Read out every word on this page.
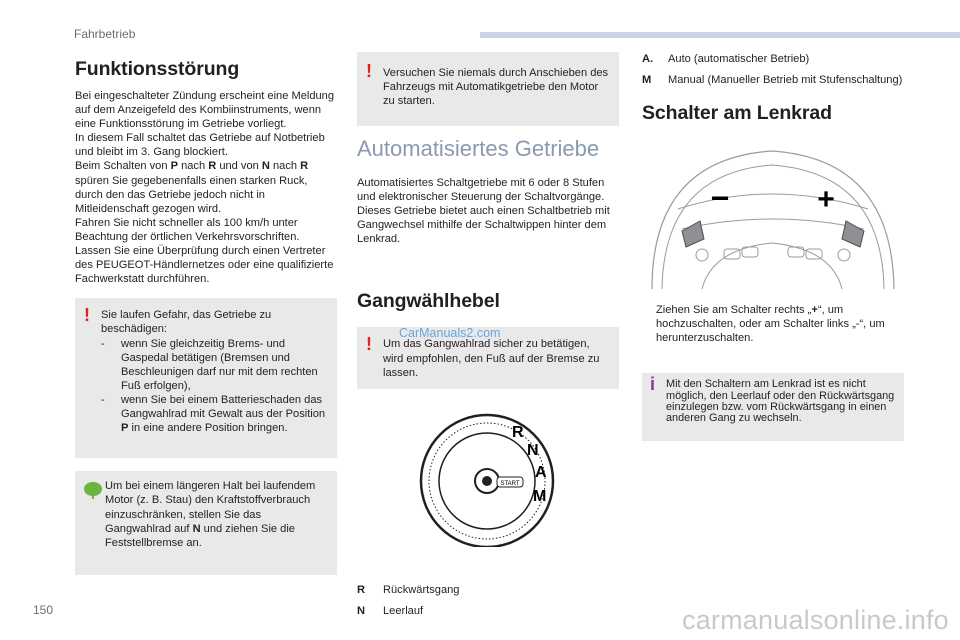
Fahrbetrieb
Funktionsstörung
Bei eingeschalteter Zündung erscheint eine Meldung auf dem Anzeigefeld des Kombiinstruments, wenn eine Funktionsstörung im Getriebe vorliegt.
In diesem Fall schaltet das Getriebe auf Notbetrieb und bleibt im 3. Gang blockiert.
Beim Schalten von P nach R und von N nach R spüren Sie gegebenenfalls einen starken Ruck, durch den das Getriebe jedoch nicht in Mitleidenschaft gezogen wird.
Fahren Sie nicht schneller als 100 km/h unter Beachtung der örtlichen Verkehrsvorschriften.
Lassen Sie eine Überprüfung durch einen Vertreter des PEUGEOT-Händlernetzes oder eine qualifizierte Fachwerkstatt durchführen.
! Sie laufen Gefahr, das Getriebe zu beschädigen:
-	wenn Sie gleichzeitig Brems- und Gaspedal betätigen (Bremsen und Beschleunigen darf nur mit dem rechten Fuß erfolgen),
-	wenn Sie bei einem Batterieschaden das Gangwahlrad mit Gewalt aus der Position P in eine andere Position bringen.
Um bei einem längeren Halt bei laufendem Motor (z. B. Stau) den Kraftstoffverbrauch einzuschränken, stellen Sie das Gangwahlrad auf N und ziehen Sie die Feststellbremse an.
! Versuchen Sie niemals durch Anschieben des Fahrzeugs mit Automatikgetriebe den Motor zu starten.
Automatisiertes Getriebe
Automatisiertes Schaltgetriebe mit 6 oder 8 Stufen und elektronischer Steuerung der Schaltvorgänge. Dieses Getriebe bietet auch einen Schaltbetrieb mit Gangwechsel mithilfe der Schaltwippen hinter dem Lenkrad.
Gangwählhebel
! Um das Gangwahlrad sicher zu betätigen, wird empfohlen, den Fuß auf der Bremse zu lassen.
START
R
N
A
M
R	Rückwärtsgang
N	Leerlauf
A.	Auto (automatischer Betrieb)
M	Manual (Manueller Betrieb mit Stufenschaltung)
Schalter am Lenkrad
−	+
Ziehen Sie am Schalter rechts „+“, um hochzuschalten, oder am Schalter links „-“, um herunterzuschalten.
i Mit den Schaltern am Lenkrad ist es nicht möglich, den Leerlauf oder den Rückwärtsgang einzulegen bzw. vom Rückwärtsgang in einen anderen Gang zu wechseln.
CarManuals2.com
150	carmanualsonline.info
